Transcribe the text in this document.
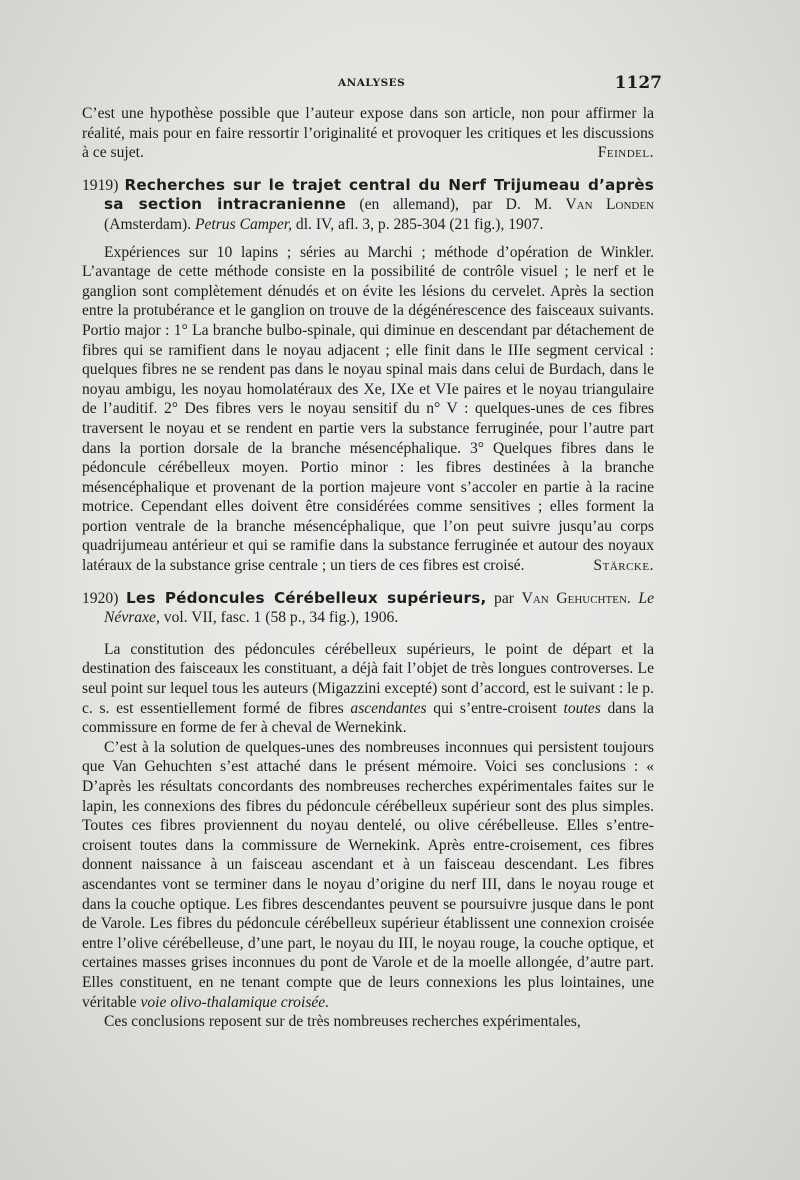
ANALYSES	1127

C’est une hypothèse possible que l’auteur expose dans son article, non pour affirmer la réalité, mais pour en faire ressortir l’originalité et provoquer les critiques et les discussions à ce sujet.	Feindel.

1919) Recherches sur le trajet central du Nerf Trijumeau d’après sa section intracranienne (en allemand), par D. M. Van Londen (Amsterdam). Petrus Camper, dl. IV, afl. 3, p. 285-304 (21 fig.), 1907.

Expériences sur 10 lapins ; séries au Marchi ; méthode d’opération de Winkler. L’avantage de cette méthode consiste en la possibilité de contrôle visuel ; le nerf et le ganglion sont complètement dénudés et on évite les lésions du cervelet. Après la section entre la protubérance et le ganglion on trouve de la dégénérescence des faisceaux suivants. Portio major : 1° La branche bulbo-spinale, qui diminue en descendant par détachement de fibres qui se ramifient dans le noyau adjacent ; elle finit dans le IIIe segment cervical : quelques fibres ne se rendent pas dans le noyau spinal mais dans celui de Burdach, dans le noyau ambigu, les noyau homolatéraux des Xe, IXe et VIe paires et le noyau triangulaire de l’auditif. 2° Des fibres vers le noyau sensitif du n° V : quelques-unes de ces fibres traversent le noyau et se rendent en partie vers la substance ferruginée, pour l’autre part dans la portion dorsale de la branche mésencéphalique. 3° Quelques fibres dans le pédoncule cérébelleux moyen. Portio minor : les fibres destinées à la branche mésencéphalique et provenant de la portion majeure vont s’accoler en partie à la racine motrice. Cependant elles doivent être considérées comme sensitives ; elles forment la portion ventrale de la branche mésencéphalique, que l’on peut suivre jusqu’au corps quadrijumeau antérieur et qui se ramifie dans la substance ferruginée et autour des noyaux latéraux de la substance grise centrale ; un tiers de ces fibres est croisé.	Stärcke.

1920) Les Pédoncules Cérébelleux supérieurs, par Van Gehuchten. Le Névraxe, vol. VII, fasc. 1 (58 p., 34 fig.), 1906.

La constitution des pédoncules cérébelleux supérieurs, le point de départ et la destination des faisceaux les constituant, a déjà fait l’objet de très longues controverses. Le seul point sur lequel tous les auteurs (Migazzini excepté) sont d’accord, est le suivant : le p. c. s. est essentiellement formé de fibres ascendantes qui s’entre-croisent toutes dans la commissure en forme de fer à cheval de Wernekink.

C’est à la solution de quelques-unes des nombreuses inconnues qui persistent toujours que Van Gehuchten s’est attaché dans le présent mémoire. Voici ses conclusions : « D’après les résultats concordants des nombreuses recherches expérimentales faites sur le lapin, les connexions des fibres du pédoncule cérébelleux supérieur sont des plus simples. Toutes ces fibres proviennent du noyau dentelé, ou olive cérébelleuse. Elles s’entre-croisent toutes dans la commissure de Wernekink. Après entre-croisement, ces fibres donnent naissance à un faisceau ascendant et à un faisceau descendant. Les fibres ascendantes vont se terminer dans le noyau d’origine du nerf III, dans le noyau rouge et dans la couche optique. Les fibres descendantes peuvent se poursuivre jusque dans le pont de Varole. Les fibres du pédoncule cérébelleux supérieur établissent une connexion croisée entre l’olive cérébelleuse, d’une part, le noyau du III, le noyau rouge, la couche optique, et certaines masses grises inconnues du pont de Varole et de la moelle allongée, d’autre part. Elles constituent, en ne tenant compte que de leurs connexions les plus lointaines, une véritable voie olivo-thalamique croisée.

Ces conclusions reposent sur de très nombreuses recherches expérimentales,
